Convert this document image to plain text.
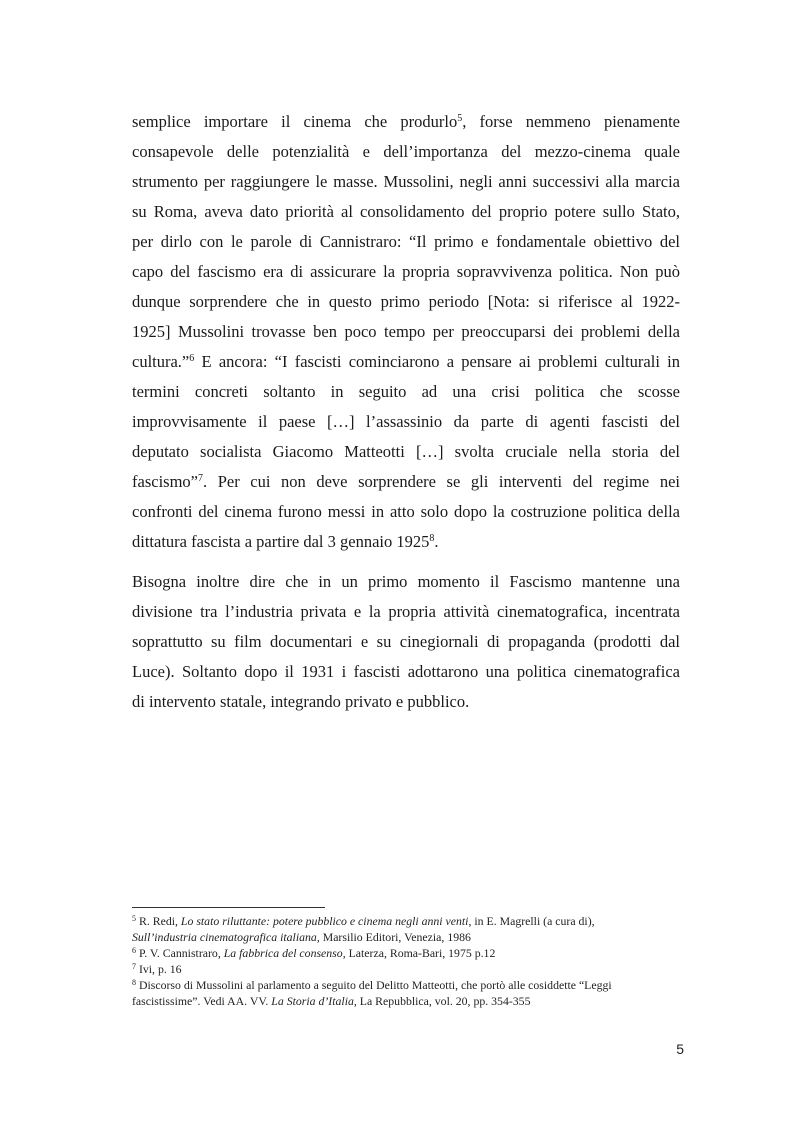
semplice importare il cinema che produrlo$^5$, forse nemmeno pienamente
consapevole delle potenzialità e dell’importanza del mezzo-cinema quale
strumento per raggiungere le masse. Mussolini, negli anni successivi alla marcia
su Roma, aveva dato priorità al consolidamento del proprio potere sullo Stato,
per dirlo con le parole di Cannistraro: “Il primo e fondamentale obiettivo del
capo del fascismo era di assicurare la propria sopravvivenza politica. Non può
dunque sorprendere che in questo primo periodo [Nota: si riferisce al 1922-
1925] Mussolini trovasse ben poco tempo per preoccuparsi dei problemi della
cultura.”$^6$ E ancora: “I fascisti cominciarono a pensare ai problemi culturali in
termini concreti soltanto in seguito ad una crisi politica che scosse
improvvisamente il paese […] l’assassinio da parte di agenti fascisti del
deputato socialista Giacomo Matteotti […] svolta cruciale nella storia del
fascismo”$^7$. Per cui non deve sorprendere se gli interventi del regime nei
confronti del cinema furono messi in atto solo dopo la costruzione politica della
dittatura fascista a partire dal 3 gennaio 1925$^8$.
Bisogna inoltre dire che in un primo momento il Fascismo mantenne una
divisione tra l’industria privata e la propria attività cinematografica, incentrata
soprattutto su film documentari e su cinegiornali di propaganda (prodotti dal
Luce). Soltanto dopo il 1931 i fascisti adottarono una politica cinematografica
di intervento statale, integrando privato e pubblico.
$^5$ R. Redi, Lo stato riluttante: potere pubblico e cinema negli anni venti, in E. Magrelli (a cura di),
Sull’industria cinematografica italiana, Marsilio Editori, Venezia, 1986
$^6$ P. V. Cannistraro, La fabbrica del consenso, Laterza, Roma-Bari, 1975 p.12
$^7$ Ivi, p. 16
$^8$ Discorso di Mussolini al parlamento a seguito del Delitto Matteotti, che portò alle cosiddette “Leggi
fascistissime”. Vedi AA. VV. La Storia d’Italia, La Repubblica, vol. 20, pp. 354-355
5
